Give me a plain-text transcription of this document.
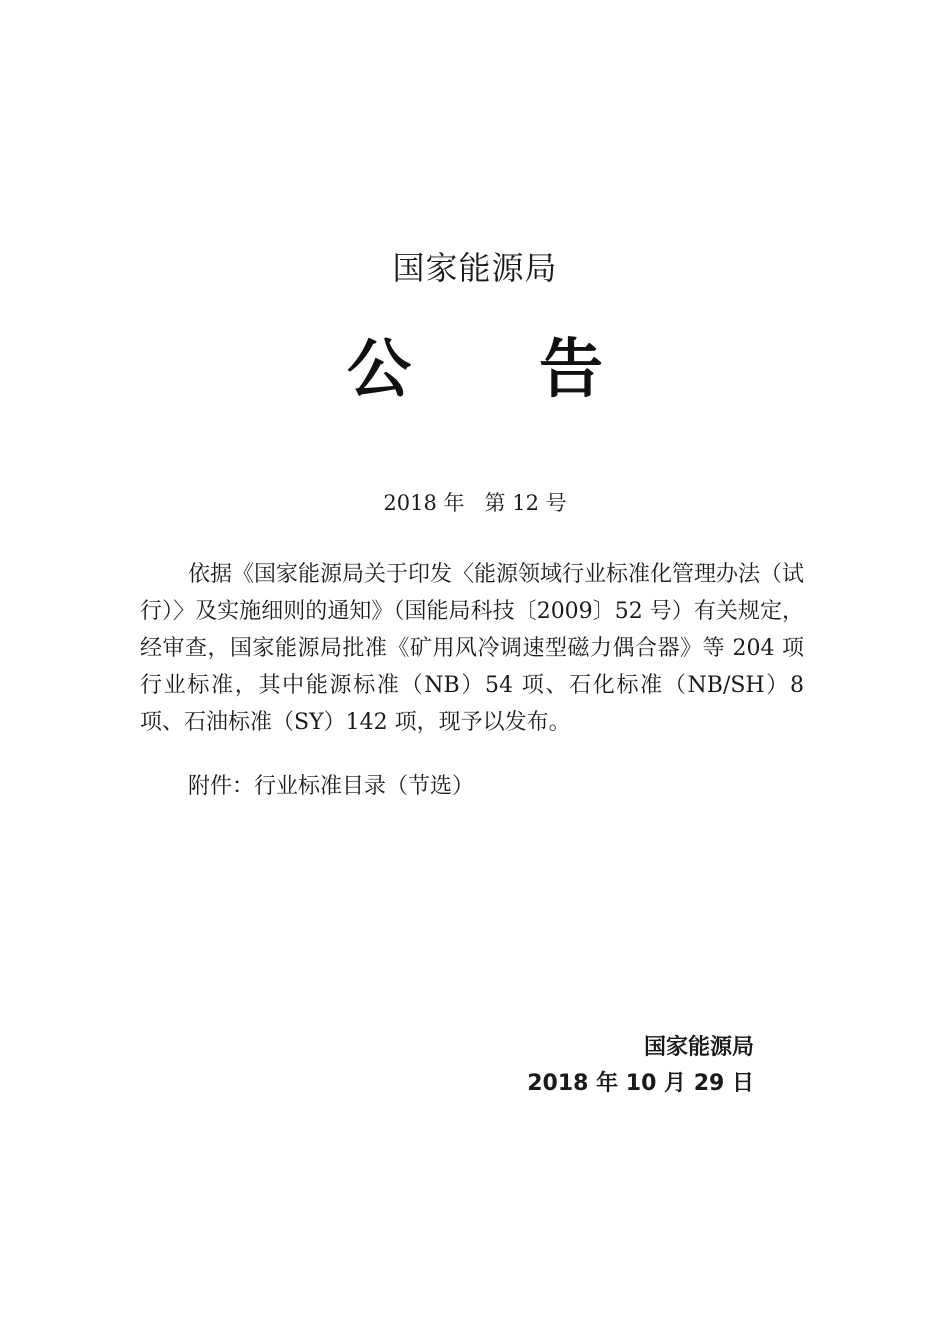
国家能源局
公 告
2018 年   第 12 号

依据《国家能源局关于印发〈能源领域行业标准化管理办法（试行）〉及实施细则的通知》（国能局科技〔2009〕52 号）有关规定，经审查，国家能源局批准《矿用风冷调速型磁力偶合器》等 204 项行业标准，其中能源标准（NB）54 项、石化标准（NB/SH）8 项、石油标准（SY）142 项，现予以发布。

附件：行业标准目录（节选）

国家能源局
2018 年 10 月 29 日
